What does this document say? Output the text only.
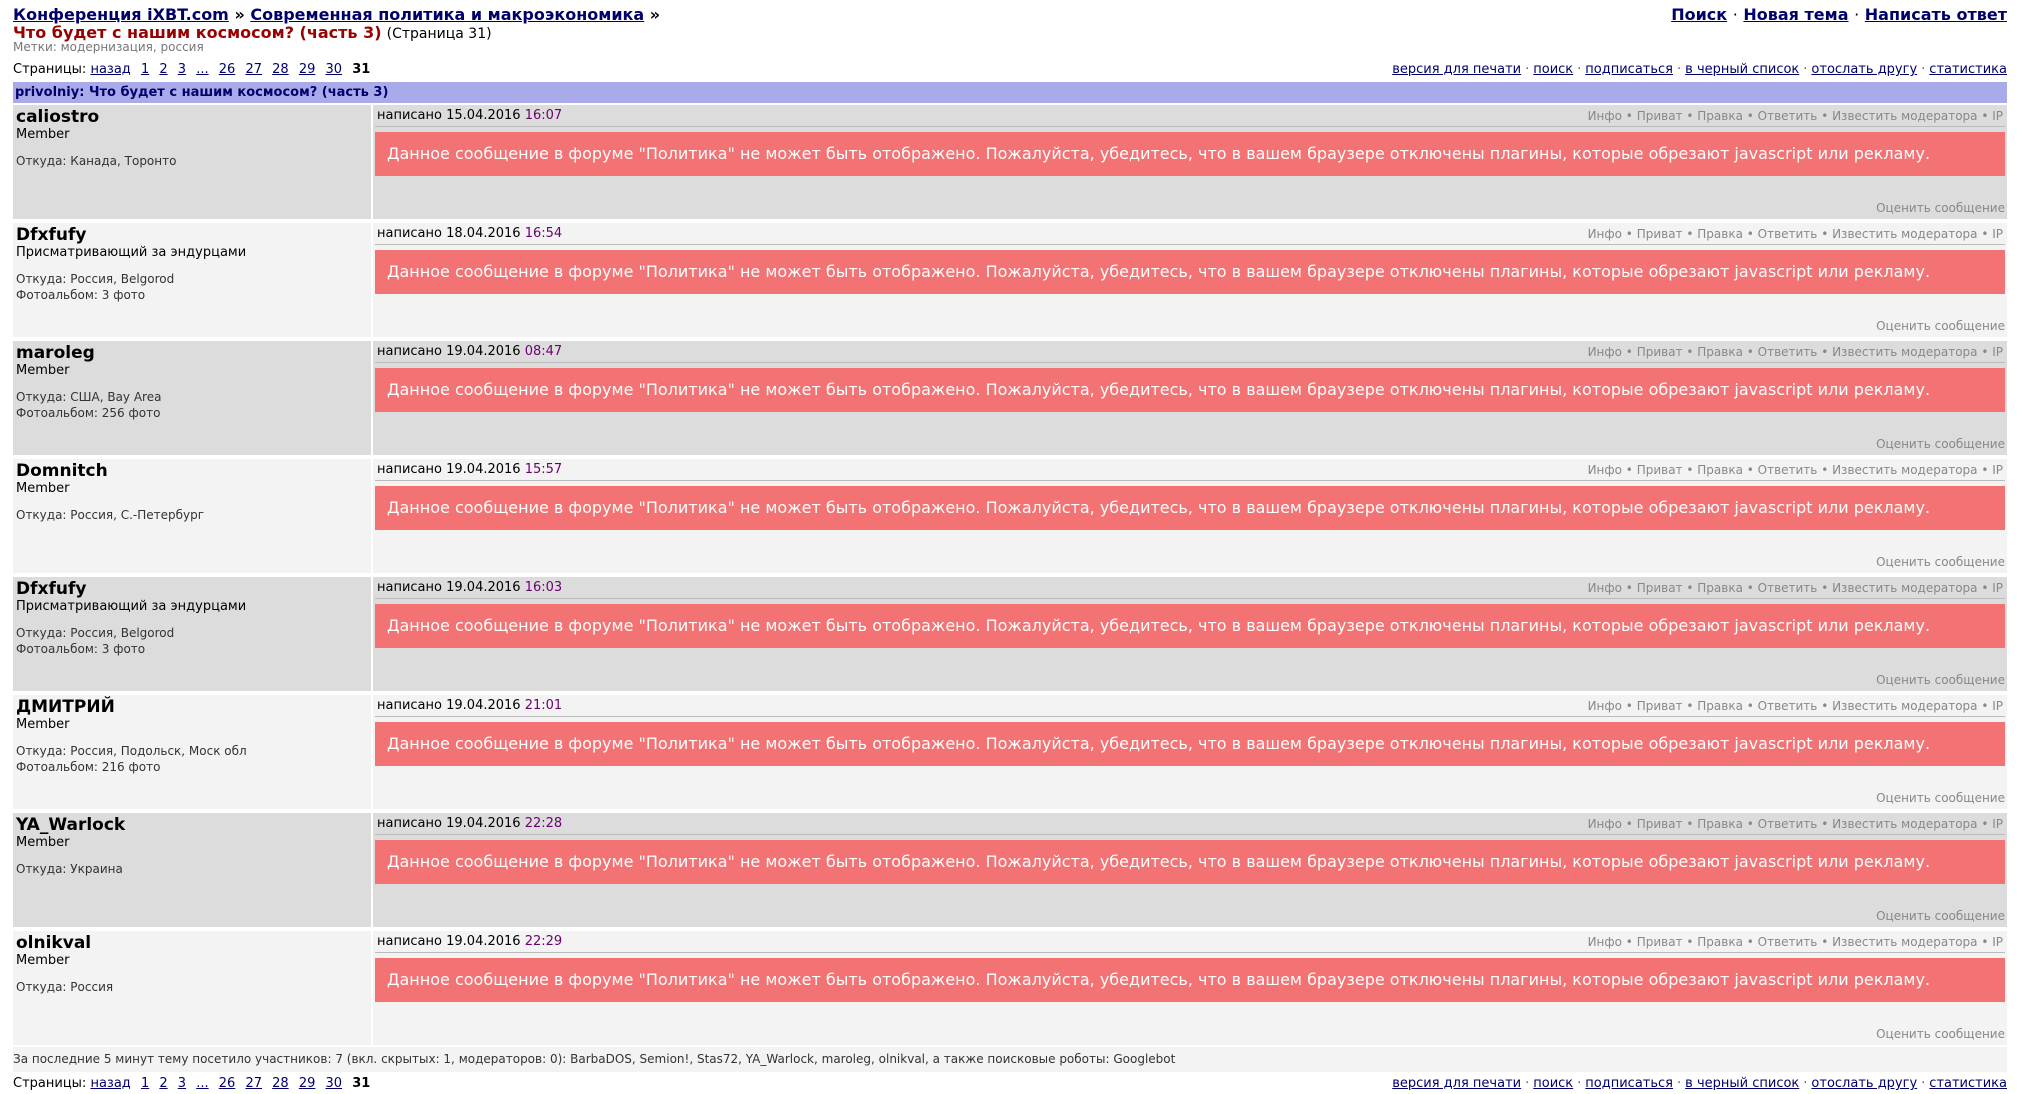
Конференция iXBT.com » Современная политика и макроэкономика »
Что будет с нашим космосом? (часть 3) (Страница 31)
Метки: модернизация, россия
Поиск · Новая тема · Написать ответ
Страницы: назад 1 2 3 ... 26 27 28 29 30 31	версия для печати · поиск · подписаться · в черный список · отослать другу · статистика
privolniy: Что будет с нашим космосом? (часть 3)
caliostro
Member
Откуда: Канада, Торонто
написано 15.04.2016 16:07	Инфо • Приват • Правка • Ответить • Известить модератора • IP
Данное сообщение в форуме "Политика" не может быть отображено. Пожалуйста, убедитесь, что в вашем браузере отключены плагины, которые обрезают javascript или рекламу.
Оценить сообщение
Dfxfufy
Присматривающий за эндурцами
Откуда: Россия, Belgorod
Фотоальбом: 3 фото
написано 18.04.2016 16:54	Инфо • Приват • Правка • Ответить • Известить модератора • IP
Данное сообщение в форуме "Политика" не может быть отображено. Пожалуйста, убедитесь, что в вашем браузере отключены плагины, которые обрезают javascript или рекламу.
Оценить сообщение
maroleg
Member
Откуда: США, Bay Area
Фотоальбом: 256 фото
написано 19.04.2016 08:47	Инфо • Приват • Правка • Ответить • Известить модератора • IP
Данное сообщение в форуме "Политика" не может быть отображено. Пожалуйста, убедитесь, что в вашем браузере отключены плагины, которые обрезают javascript или рекламу.
Оценить сообщение
Domnitch
Member
Откуда: Россия, С.-Петербург
написано 19.04.2016 15:57	Инфо • Приват • Правка • Ответить • Известить модератора • IP
Данное сообщение в форуме "Политика" не может быть отображено. Пожалуйста, убедитесь, что в вашем браузере отключены плагины, которые обрезают javascript или рекламу.
Оценить сообщение
Dfxfufy
Присматривающий за эндурцами
Откуда: Россия, Belgorod
Фотоальбом: 3 фото
написано 19.04.2016 16:03	Инфо • Приват • Правка • Ответить • Известить модератора • IP
Данное сообщение в форуме "Политика" не может быть отображено. Пожалуйста, убедитесь, что в вашем браузере отключены плагины, которые обрезают javascript или рекламу.
Оценить сообщение
ДМИТРИЙ
Member
Откуда: Россия, Подольск, Моск обл
Фотоальбом: 216 фото
написано 19.04.2016 21:01	Инфо • Приват • Правка • Ответить • Известить модератора • IP
Данное сообщение в форуме "Политика" не может быть отображено. Пожалуйста, убедитесь, что в вашем браузере отключены плагины, которые обрезают javascript или рекламу.
Оценить сообщение
YA_Warlock
Member
Откуда: Украина
написано 19.04.2016 22:28	Инфо • Приват • Правка • Ответить • Известить модератора • IP
Данное сообщение в форуме "Политика" не может быть отображено. Пожалуйста, убедитесь, что в вашем браузере отключены плагины, которые обрезают javascript или рекламу.
Оценить сообщение
olnikval
Member
Откуда: Россия
написано 19.04.2016 22:29	Инфо • Приват • Правка • Ответить • Известить модератора • IP
Данное сообщение в форуме "Политика" не может быть отображено. Пожалуйста, убедитесь, что в вашем браузере отключены плагины, которые обрезают javascript или рекламу.
Оценить сообщение
За последние 5 минут тему посетило участников: 7 (вкл. скрытых: 1, модераторов: 0): BarbaDOS, Semion!, Stas72, YA_Warlock, maroleg, olnikval, а также поисковые роботы: Googlebot
Страницы: назад 1 2 3 ... 26 27 28 29 30 31	версия для печати · поиск · подписаться · в черный список · отослать другу · статистика
